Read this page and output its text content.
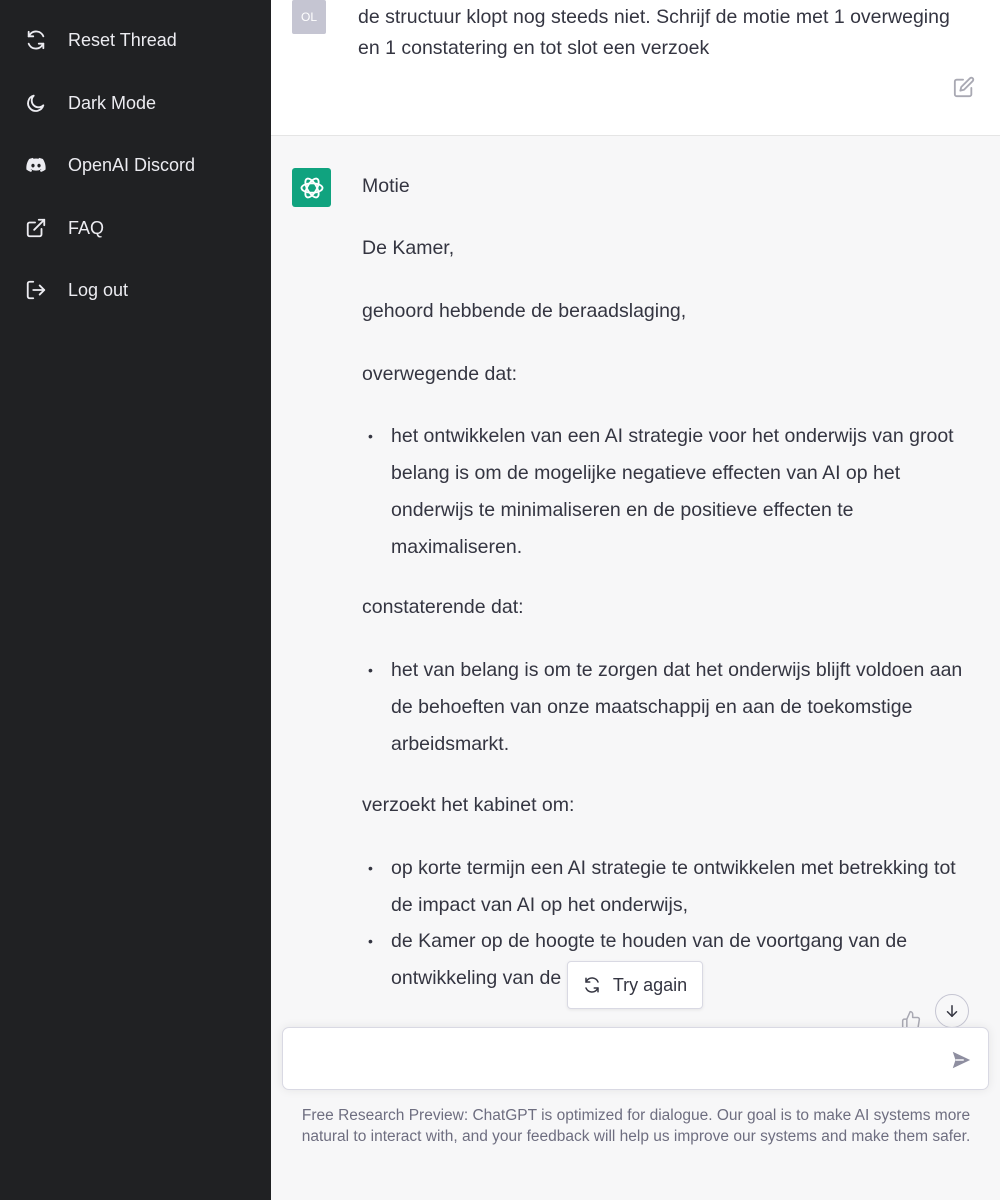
Reset Thread
Dark Mode
OpenAI Discord
FAQ
Log out
OL	de structuur klopt nog steeds niet. Schrijf de motie met 1 overweging en 1 constatering en tot slot een verzoek
Motie
De Kamer,
gehoord hebbende de beraadslaging,
overwegende dat:
• het ontwikkelen van een AI strategie voor het onderwijs van groot belang is om de mogelijke negatieve effecten van AI op het onderwijs te minimaliseren en de positieve effecten te maximaliseren.
constaterende dat:
• het van belang is om te zorgen dat het onderwijs blijft voldoen aan de behoeften van onze maatschappij en aan de toekomstige arbeidsmarkt.
verzoekt het kabinet om:
• op korte termijn een AI strategie te ontwikkelen met betrekking tot de impact van AI op het onderwijs,
• de Kamer op de hoogte te houden van de voortgang van de ontwikkeling van de	Try again
Free Research Preview: ChatGPT is optimized for dialogue. Our goal is to make AI systems more natural to interact with, and your feedback will help us improve our systems and make them safer.
